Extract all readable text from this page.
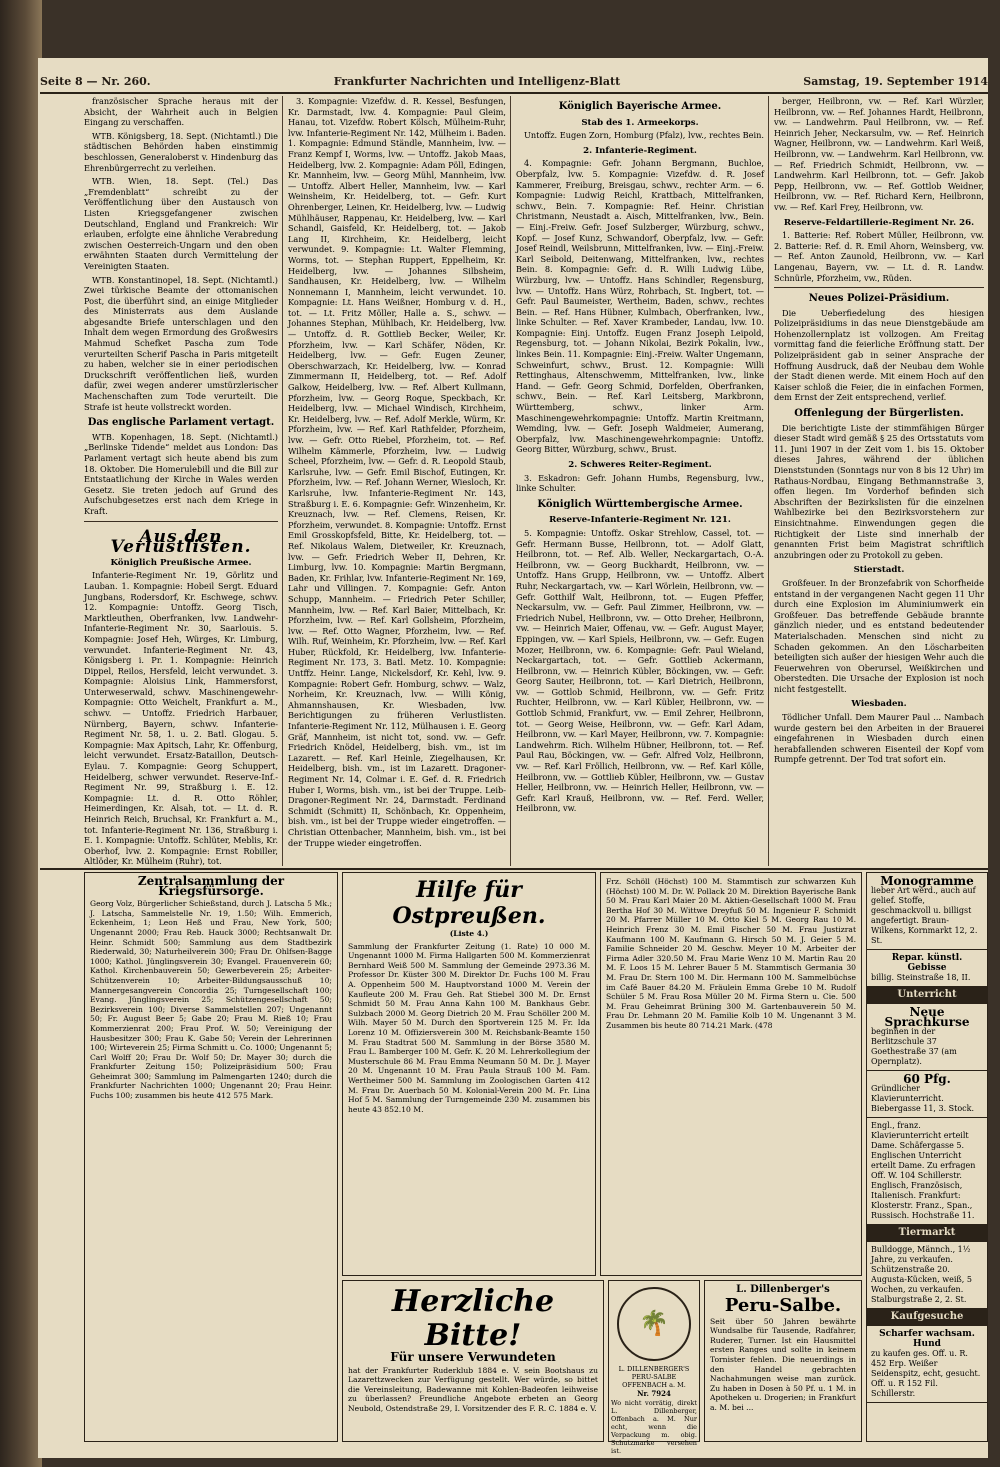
Seite 8 — Nr. 260.	Frankfurter Nachrichten und Intelligenz-Blatt	Samstag, 19. September 1914

französischer Sprache heraus mit der Absicht, der Wahrheit auch in Belgien Eingang zu verschaffen.

WTB. Königsberg, 18. Sept. (Nichtamtl.) Die städtischen Behörden haben einstimmig beschlossen, Generaloberst v. Hindenburg das Ehrenbürgerrecht zu verleihen.

WTB. Wien, 18. Sept. (Tel.) Das „Fremdenblatt“ schreibt zu der Veröffentlichung über den Austausch von Listen Kriegsgefangener zwischen Deutschland, England und Frankreich: Wir erlauben, erfolgte eine ähnliche Verabredung zwischen Oesterreich-Ungarn und den oben erwähnten Staaten durch Vermittelung der Vereinigten Staaten.

WTB. Konstantinopel, 18. Sept. (Nichtamtl.) Zwei türkische Beamte der ottomanischen Post, die überführt sind, an einige Mitglieder des Ministerrats aus dem Auslande abgesandte Briefe unterschlagen und den Inhalt dem wegen Ermordung des Großwesirs Mahmud Schefket Pascha zum Tode verurteilten Scherif Pascha in Paris mitgeteilt zu haben, welcher sie in einer periodischen Druckschrift veröffentlichen ließ, wurden dafür, zwei wegen anderer umstürzlerischer Machenschaften zum Tode verurteilt. Die Strafe ist heute vollstreckt worden.

Das englische Parlament vertagt.

WTB. Kopenhagen, 18. Sept. (Nichtamtl.) „Berlinske Tidende“ meldet aus London: Das Parlament vertagt sich heute abend bis zum 18. Oktober. Die Homerulebill und die Bill zur Entstaatlichung der Kirche in Wales werden Gesetz. Sie treten jedoch auf Grund des Aufschubgesetzes erst nach dem Kriege in Kraft.

Aus den Verlustlisten.
Königlich Preußische Armee.

Infanterie-Regiment Nr. 19, Görlitz und Lauban. 1. Kompagnie: Hobeil Sergt. Eduard Jungbans, Rodersdorf, Kr. Eschwege, schwv. 12. Kompagnie: Untoffz. Georg Tisch, Marktleuthen, Oberfranken, lvw. Landwehr-Infanterie-Regiment Nr. 30, Saarlouis. 5. Kompagnie: Josef Heh, Würges, Kr. Limburg, verwundet. Infanterie-Regiment Nr. 43, Königsberg i. Pr. 1. Kompagnie: Heinrich Dippel, Reilos, Hersfeld, leicht verwundet. 3. Kompagnie: Aloisius Link, Hammersforst, Unterweserwald, schwv. Maschinengewehr-Kompagnie: Otto Weichelt, Frankfurt a. M., schwv. — Untoffz. Friedrich Harbauer, Nürnberg, Bayern, schwv. Infanterie-Regiment Nr. 58, 1. u. 2. Batl. Glogau. 5. Kompagnie: Max Apitsch, Lahr, Kr. Offenburg, leicht verwundet. Ersatz-Bataillon, Deutsch-Eylau. 7. Kompagnie: Georg Schuppert, Heidelberg, schwer verwundet. Reserve-Inf.-Regiment Nr. 99, Straßburg i. E. 12. Kompagnie: Lt. d. R. Otto Röhler, Heimerdingen, Kr. Alsah, tot. — Lt. d. R. Heinrich Reich, Bruchsal, Kr. Frankfurt a. M., tot. Infanterie-Regiment Nr. 136, Straßburg i. E. 1. Kompagnie: Untoffz. Schlüter, Meblis, Kr. Oberhof, lvw. 2. Kompagnie: Ernst Robiller, Altlöder, Kr. Mülheim (Ruhr), tot.

3. Kompagnie: Vizefdw. d. R. Kessel, Besfungen, Kr. Darmstadt, lvw. 4. Kompagnie: Paul Gleim, Hanau, tot. Vizefdw. Robert Kölsch, Mülheim-Ruhr, lvw. Infanterie-Regiment Nr. 142, Mülheim i. Baden. 1. Kompagnie: Edmund Ständle, Mannheim, lvw. — Franz Kempf I, Worms, lvw. — Untoffz. Jakob Maas, Heidelberg, lvw. 2. Kompagnie: Adam Pöll, Edingen, Kr. Mannheim, lvw. — Georg Mühl, Mannheim, lvw. — Untoffz. Albert Heller, Mannheim, lvw. — Karl Weinsheim, Kr. Heidelberg, tot. — Gefr. Kurt Ohrenberger, Leinen, Kr. Heidelberg, lvw. — Ludwig Mühlhäuser, Rappenau, Kr. Heidelberg, lvw. — Karl Schandl, Gaisfeld, Kr. Heidelberg, tot. — Jakob Lang II, Kirchheim, Kr. Heidelberg, leicht verwundet. 9. Kompagnie: Lt. Walter Flemming, Worms, tot. — Stephan Ruppert, Eppelheim, Kr. Heidelberg, lvw. — Johannes Silbsheim, Sandhausen, Kr. Heidelberg, lvw. — Wilhelm Nonnemann I, Mannheim, leicht verwundet. 10. Kompagnie: Lt. Hans Weißner, Homburg v. d. H., tot. — Lt. Fritz Möller, Halle a. S., schwv. — Johannes Stephan, Mühlbach, Kr. Heidelberg, lvw. — Untoffz. d. R. Gottlieb Becker, Weiler, Kr. Pforzheim, lvw. — Karl Schäfer, Nöden, Kr. Heidelberg, lvw. — Gefr. Eugen Zeuner, Oberschwarzach, Kr. Heidelberg, lvw. — Konrad Zimmermann II, Heidelberg, tot. — Ref. Adolf Galkow, Heidelberg, lvw. — Ref. Albert Kullmann, Pforzheim, lvw. — Georg Roque, Speckbach, Kr. Heidelberg, lvw. — Michael Windisch, Kirchheim, Kr. Heidelberg, lvw. — Ref. Adolf Merkle, Würm, Kr. Pforzheim, lvw. — Ref. Karl Rathfelder, Pforzheim, lvw. — Gefr. Otto Riebel, Pforzheim, tot. — Ref. Wilhelm Kämmerle, Pforzheim, lvw. — Ludwig Scheel, Pforzheim, lvw. — Gefr. d. R. Leopold Staub, Karlsruhe, lvw. — Gefr. Emil Bischof, Eutingen, Kr. Pforzheim, lvw. — Ref. Johann Werner, Wiesloch, Kr. Karlsruhe, lvw. Infanterie-Regiment Nr. 143, Straßburg i. E. 6. Kompagnie: Gefr. Winzenheim, Kr. Kreuznach, lvw. — Ref. Clemens, Reisen, Kr. Pforzheim, verwundet. 8. Kompagnie: Untoffz. Ernst Emil Grosskopfsfeld, Bitte, Kr. Heidelberg, tot. — Ref. Nikolaus Walem, Dietweiler, Kr. Kreuznach, lvw. — Gefr. Friedrich Weber II, Dehren, Kr. Limburg, lvw. 10. Kompagnie: Martin Bergmann, Baden, Kr. Frihlar, lvw. Infanterie-Regiment Nr. 169, Lahr und Villingen. 7. Kompagnie: Gefr. Anton Schupp, Mannheim. — Friedrich Peter Schiller, Mannheim, lvw. — Ref. Karl Baier, Mittelbach, Kr. Pforzheim, lvw. — Ref. Karl Gollsheim, Pforzheim, lvw. — Ref. Otto Wagner, Pforzheim, lvw. — Ref. Wilh. Ruf, Weinheim, Kr. Pforzheim, lvw. — Ref. Karl Huber, Rückfold, Kr. Heidelberg, lvw. Infanterie-Regiment Nr. 173, 3. Batl. Metz. 10. Kompagnie: Untffz. Heinr. Lange, Nickelsdorf, Kr. Kehl, lvw. 9. Kompagnie: Robert Gefr. Homburg, schwv. — Walz, Norheim, Kr. Kreuznach, lvw. — Willi König, Ahmannshausen, Kr. Wiesbaden, lvw. Berichtigungen zu früheren Verlustlisten. Infanterie-Regiment Nr. 112, Mülhausen i. E. Georg Gräf, Mannheim, ist nicht tot, sond. vw. — Gefr. Friedrich Knödel, Heidelberg, bish. vm., ist im Lazarett. — Ref. Karl Heinle, Ziegelhausen, Kr. Heidelberg, bish. vm., ist im Lazarett. Dragoner-Regiment Nr. 14, Colmar i. E. Gef. d. R. Friedrich Huber I, Worms, bish. vm., ist bei der Truppe. Leib-Dragoner-Regiment Nr. 24, Darmstadt. Ferdinand Schmidt (Schmitt) II, Schönbach, Kr. Oppenheim, bish. vm., ist bei der Truppe wieder eingetroffen. — Christian Ottenbacher, Mannheim, bish. vm., ist bei der Truppe wieder eingetroffen.

Königlich Bayerische Armee.
Stab des 1. Armeekorps.

Untoffz. Eugen Zorn, Homburg (Pfalz), lvw., rechtes Bein.

2. Infanterie-Regiment.

4. Kompagnie: Gefr. Johann Bergmann, Buchloe, Oberpfalz, lvw. 5. Kompagnie: Vizefdw. d. R. Josef Kammerer, Freiburg, Breisgau, schwv., rechter Arm. — 6. Kompagnie: Ludwig Reichl, Krattbach, Mittelfranken, schwv., Bein. 7. Kompagnie: Ref. Heinr. Christian Christmann, Neustadt a. Aisch, Mittelfranken, lvw., Bein. — Einj.-Freiw. Gefr. Josef Sulzberger, Würzburg, schwv., Kopf. — Josef Kunz, Schwandorf, Oberpfalz, lvw. — Gefr. Josef Reindl, Weilsbrunn, Mittelfranken, lvw. — Einj.-Freiw. Karl Seibold, Deitenwang, Mittelfranken, lvw., rechtes Bein. 8. Kompagnie: Gefr. d. R. Willi Ludwig Lübe, Würzburg, lvw. — Untoffz. Hans Schindler, Regensburg, lvw. — Untoffz. Hans Würz, Rohrbach, St. Ingbert, tot. — Gefr. Paul Baumeister, Wertheim, Baden, schwv., rechtes Bein. — Ref. Hans Hübner, Kulmbach, Oberfranken, lvw., linke Schulter. — Ref. Xaver Krambeder, Landau, lvw. 10. Kompagnie: Einj. Untoffz. Eugen Franz Joseph Leipold, Regensburg, tot. — Johann Nikolai, Bezirk Pokalin, lvw., linkes Bein. 11. Kompagnie: Einj.-Freiw. Walter Ungemann, Schweinfurt, schwv., Brust. 12. Kompagnie: Willi Rettinghaus, Altenschwemm, Mittelfranken, lvw., linke Hand. — Gefr. Georg Schmid, Dorfelden, Oberfranken, schwv., Bein. — Ref. Karl Leitsberg, Markbronn, Württemberg, schwv., linker Arm. Maschinengewehrkompagnie: Untoffz. Martin Kreitmann, Wemding, lvw. — Gefr. Joseph Waldmeier, Aumerang, Oberpfalz, lvw. Maschinengewehrkompagnie: Untoffz. Georg Bitter, Würzburg, schwv., Brust.

2. Schweres Reiter-Regiment.

3. Eskadron: Gefr. Johann Humbs, Regensburg, lvw., linke Schulter.

Königlich Württembergische Armee.
Reserve-Infanterie-Regiment Nr. 121.

5. Kompagnie: Untoffz. Oskar Strehlow, Cassel, tot. — Gefr. Hermann Busse, Heilbronn, tot. — Adolf Glatt, Heilbronn, tot. — Ref. Alb. Weller, Neckargartach, O.-A. Heilbronn, vw. — Georg Buckhardt, Heilbronn, vw. — Untoffz. Hans Grupp, Heilbronn, vw. — Untoffz. Albert Ruhr, Neckargartach, vw. — Karl Wörlein, Heilbronn, vw. — Gefr. Gotthilf Walt, Heilbronn, tot. — Eugen Pfeffer, Neckarsulm, vw. — Gefr. Paul Zimmer, Heilbronn, vw. — Friedrich Nubel, Heilbronn, vw. — Otto Dreher, Heilbronn, vw. — Heinrich Maier, Offenau, vw. — Gefr. August Mayer, Eppingen, vw. — Karl Spiels, Heilbronn, vw. — Gefr. Eugen Mozer, Heilbronn, vw. 6. Kompagnie: Gefr. Paul Wieland, Neckargartach, tot. — Gefr. Gottlieb Ackermann, Heilbronn, vw. — Heinrich Kübler, Böckingen, vw. — Gefr. Georg Sauter, Heilbronn, tot. — Karl Dietrich, Heilbronn, vw. — Gottlob Schmid, Heilbronn, vw. — Gefr. Fritz Ruchter, Heilbronn, vw. — Karl Kübler, Heilbronn, vw. — Gottlob Schmid, Frankfurt, vw. — Emil Zehrer, Heilbronn, tot. — Georg Weise, Heilbronn, vw. — Gefr. Karl Adam, Heilbronn, vw. — Karl Mayer, Heilbronn, vw. 7. Kompagnie: Landwehrm. Rich. Wilhelm Hübner, Heilbronn, tot. — Ref. Paul Rau, Böckingen, vw. — Gefr. Alfred Volz, Heilbronn, vw. — Ref. Karl Fröllich, Heilbronn, vw. — Ref. Karl Kölle, Heilbronn, vw. — Gottlieb Kübler, Heilbronn, vw. — Gustav Heller, Heilbronn, vw. — Heinrich Heller, Heilbronn, vw. — Gefr. Karl Krauß, Heilbronn, vw. — Ref. Ferd. Weller, Heilbronn, vw.

berger, Heilbronn, vw. — Ref. Karl Würzler, Heilbronn, vw. — Ref. Johannes Hardt, Heilbronn, vw. — Landwehrm. Paul Heilbronn, vw. — Ref. Heinrich Jeher, Neckarsulm, vw. — Ref. Heinrich Wagner, Heilbronn, vw. — Landwehrm. Karl Weiß, Heilbronn, vw. — Landwehrm. Karl Heilbronn, vw. — Ref. Friedrich Schmidt, Heilbronn, vw. — Landwehrm. Karl Heilbronn, tot. — Gefr. Jakob Pepp, Heilbronn, vw. — Ref. Gottlob Weidner, Heilbronn, vw. — Ref. Richard Kern, Heilbronn, vw. — Ref. Karl Frey, Heilbronn, vw.

Reserve-Feldartillerie-Regiment Nr. 26.

1. Batterie: Ref. Robert Müller, Heilbronn, vw. 2. Batterie: Ref. d. R. Emil Ahorn, Weinsberg, vw. — Ref. Anton Zaunold, Heilbronn, vw. — Karl Langenau, Bayern, vw. — Lt. d. R. Landw. Schnürle, Pforzheim, vw., Rüden.

Neues Polizei-Präsidium.

Die Ueberfiedelung des hiesigen Polizeipräsidiums in das neue Dienstgebäude am Hohenzollernplatz ist vollzogen. Am Freitag vormittag fand die feierliche Eröffnung statt. Der Polizeipräsident gab in seiner Ansprache der Hoffnung Ausdruck, daß der Neubau dem Wohle der Stadt dienen werde. Mit einem Hoch auf den Kaiser schloß die Feier, die in einfachen Formen, dem Ernst der Zeit entsprechend, verlief.

Offenlegung der Bürgerlisten.

Die berichtigte Liste der stimmfähigen Bürger dieser Stadt wird gemäß § 25 des Ortsstatuts vom 11. Juni 1907 in der Zeit vom 1. bis 15. Oktober dieses Jahres, während der üblichen Dienststunden (Sonntags nur von 8 bis 12 Uhr) im Rathaus-Nordbau, Eingang Bethmannstraße 3, offen liegen. Im Vorderhof befinden sich Abschriften der Bezirkslisten für die einzelnen Wahlbezirke bei den Bezirksvorstehern zur Einsichtnahme. Einwendungen gegen die Richtigkeit der Liste sind innerhalb der genannten Frist beim Magistrat schriftlich anzubringen oder zu Protokoll zu geben.

Stierstadt.

Großfeuer. In der Bronzefabrik von Schorfheide entstand in der vergangenen Nacht gegen 11 Uhr durch eine Explosion im Aluminiumwerk ein Großfeuer. Das betreffende Gebäude brannte gänzlich nieder, und es entstand bedeutender Materialschaden. Menschen sind nicht zu Schaden gekommen. An den Löscharbeiten beteiligten sich außer der hiesigen Wehr auch die Feuerwehren von Oberursel, Weißkirchen und Oberstedten. Die Ursache der Explosion ist noch nicht festgestellt.

Wiesbaden.

Tödlicher Unfall. Dem Maurer Paul ... Nambach wurde gestern bei den Arbeiten in der Brauerei eingefahrenen in Wiesbaden durch einen herabfallenden schweren Eisenteil der Kopf vom Rumpfe getrennt. Der Tod trat sofort ein.

Zentralsammlung der Kriegsfürsorge.
Georg Volz, Bürgerlicher Schießstand, durch J. Latscha 5 Mk.; J. Latscha, Sammelstelle Nr. 19, 1.50; Wilh. Emmerich, Eckenheim, 1; Leon Heß und Frau, New York, 500; Ungenannt 2000; Frau Reb. Hauck 3000; Rechtsanwalt Dr. Heinr. Schmidt 500; Sammlung aus dem Stadtbezirk Riederwald, 30; Naturheilverein 300; Frau Dr. Ohlfsen-Bagge 1000; Kathol. Jünglingsverein 30; Evangel. Frauenverein 60; Kathol. Kirchenbauverein 50; Gewerbeverein 25; Arbeiter-Schützenverein 10; Arbeiter-Bildungsausschuß 10; Mannergesangverein Concordia 25; Turngesellschaft 100; Evang. Jünglingsverein 25; Schützengesellschaft 50; Bezirksverein 100; Diverse Sammelstellen 207; Ungenannt 50; Fr. August Beer 5; Gabe 20; Frau M. Rieß 10; Frau Kommerzienrat 200; Frau Prof. W. 50; Vereinigung der Hausbesitzer 300; Frau K. Gabe 50; Verein der Lehrerinnen 100; Wirteverein 25; Firma Schmitt u. Co. 1000; Ungenannt 5; Carl Wolff 20; Frau Dr. Wolf 50; Dr. Mayer 30; durch die Frankfurter Zeitung 150; Polizeipräsidium 500; Frau Geheimrat 300; Sammlung im Palmengarten 1240; durch die Frankfurter Nachrichten 1000; Ungenannt 20; Frau Heinr. Fuchs 100; zusammen bis heute 412 575 Mark.
Hilfe für Ostpreußen.
(Liste 4.)
Sammlung der Frankfurter Zeitung (1. Rate) 10 000 M. Ungenannt 1000 M. Firma Hallgarten 500 M. Kommerzienrat Bernhard Weiß 500 M. Sammlung der Gemeinde 2973.36 M. Professor Dr. Küster 300 M. Direktor Dr. Fuchs 100 M. Frau A. Oppenheim 500 M. Hauptvorstand 1000 M. Verein der Kaufleute 200 M. Frau Geh. Rat Stiebel 300 M. Dr. Ernst Schmidt 50 M. Frau Anna Kahn 100 M. Bankhaus Gebr. Sulzbach 2000 M. Georg Dietrich 20 M. Frau Schöller 200 M. Wilh. Mayer 50 M. Durch den Sportverein 125 M. Fr. Ida Lorenz 10 M. Offiziersverein 300 M. Reichsbank-Beamte 150 M. Frau Stadtrat 500 M. Sammlung in der Börse 3580 M. Frau L. Bamberger 100 M. Gefr. K. 20 M. Lehrerkollegium der Musterschule 86 M. Frau Emma Neumann 50 M. Dr. J. Mayer 20 M. Ungenannt 10 M. Frau Paula Strauß 100 M. Fam. Wertheimer 500 M. Sammlung im Zoologischen Garten 412 M. Frau Dr. Auerbach 50 M. Kolonial-Verein 200 M. Fr. Lina Hof 5 M. Sammlung der Turngemeinde 230 M. zusammen bis heute 43 852.10 M.
Frz. Schöll (Höchst) 100 M. Stammtisch zur schwarzen Kuh (Höchst) 100 M. Dr. W. Pollack 20 M. Direktion Bayerische Bank 50 M. Frau Karl Maier 20 M. Aktien-Gesellschaft 1000 M. Frau Bertha Hof 30 M. Wittwe Dreyfuß 50 M. Ingenieur F. Schmidt 20 M. Pfarrer Müller 10 M. Otto Kiel 5 M. Georg Rau 10 M. Heinrich Frenz 30 M. Emil Fischer 50 M. Frau Justizrat Kaufmann 100 M. Kaufmann G. Hirsch 50 M. J. Geier 5 M. Familie Schneider 20 M. Geschw. Meyer 10 M. Arbeiter der Firma Adler 320.50 M. Frau Marie Wenz 10 M. Martin Rau 20 M. F. Loos 15 M. Lehrer Bauer 5 M. Stammtisch Germania 30 M. Frau Dr. Stern 100 M. Dir. Hermann 100 M. Sammelbüchse im Café Bauer 84.20 M. Fräulein Emma Grebe 10 M. Rudolf Schüler 5 M. Frau Rosa Müller 20 M. Firma Stern u. Cie. 500 M. Frau Geheimrat Brüning 300 M. Gartenbauverein 50 M. Frau Dr. Lehmann 20 M. Familie Kolb 10 M. Ungenannt 3 M. Zusammen bis heute 80 714.21 Mark. (478
Herzliche Bitte!
Für unsere Verwundeten
hat der Frankfurter Ruderklub 1884 e. V. sein Bootshaus zu Lazarettzwecken zur Verfügung gestellt. Wer würde, so bittet die Vereinsleitung, Badewanne mit Kohlen-Badeofen leihweise zu überlassen? Freundliche Angebote erbeten an Georg Neubold, Ostendstraße 29, I. Vorsitzender des F. R. C. 1884 e. V.
🌴
L. DILLENBERGER'S PERU-SALBE OFFENBACH a. M.
Nr. 7924
Wo nicht vorrätig, direkt L. Dillenberger, Offenbach a. M. Nur echt, wenn die Verpackung m. obig. Schutzmarke versehen ist.
L. Dillenberger's
Peru-Salbe.
Seit über 50 Jahren bewährte Wundsalbe für Tausende, Radfahrer, Ruderer, Turner. Ist ein Hausmittel ersten Ranges und sollte in keinem Tornister fehlen. Die neuerdings in den Handel gebrachten Nachahmungen weise man zurück. Zu haben in Dosen à 50 Pf. u. 1 M. in Apotheken u. Drogerien; in Frankfurt a. M. bei ...
Monogramme
lieber Art werd., auch auf gelief. Stoffe, geschmackvoll u. billigst angefertigt. Braun-Wilkens, Kornmarkt 12, 2. St.
Repar. künstl. Gebisse
billig. Steinstraße 18, II.
Unterricht
Neue Sprachkurse
beginnen in der Berlitzschule 37 Goethestraße 37 (am Opernplatz).
60 Pfg.
Gründlicher Klavierunterricht. Biebergasse 11, 3. Stock.
Engl., franz. Klavierunterricht erteilt Dame. Schäfergasse 5. Englischen Unterricht erteilt Dame. Zu erfragen Off. W. 104 Schillerstr. Englisch, Französisch, Italienisch. Frankfurt: Klosterstr. Franz., Span., Russisch. Hochstraße 11.
Tiermarkt
Bulldogge, Männch., 1½ Jahre, zu verkaufen. Schützenstraße 20. Augusta-Kücken, weiß, 5 Wochen, zu verkaufen. Stalburgstraße 2, 2. St.
Kaufgesuche
Scharfer wachsam. Hund
zu kaufen ges. Off. u. R. 452 Erp. Weißer Seidenspitz, echt, gesucht. Off. u. R 152 Fil. Schillerstr.
